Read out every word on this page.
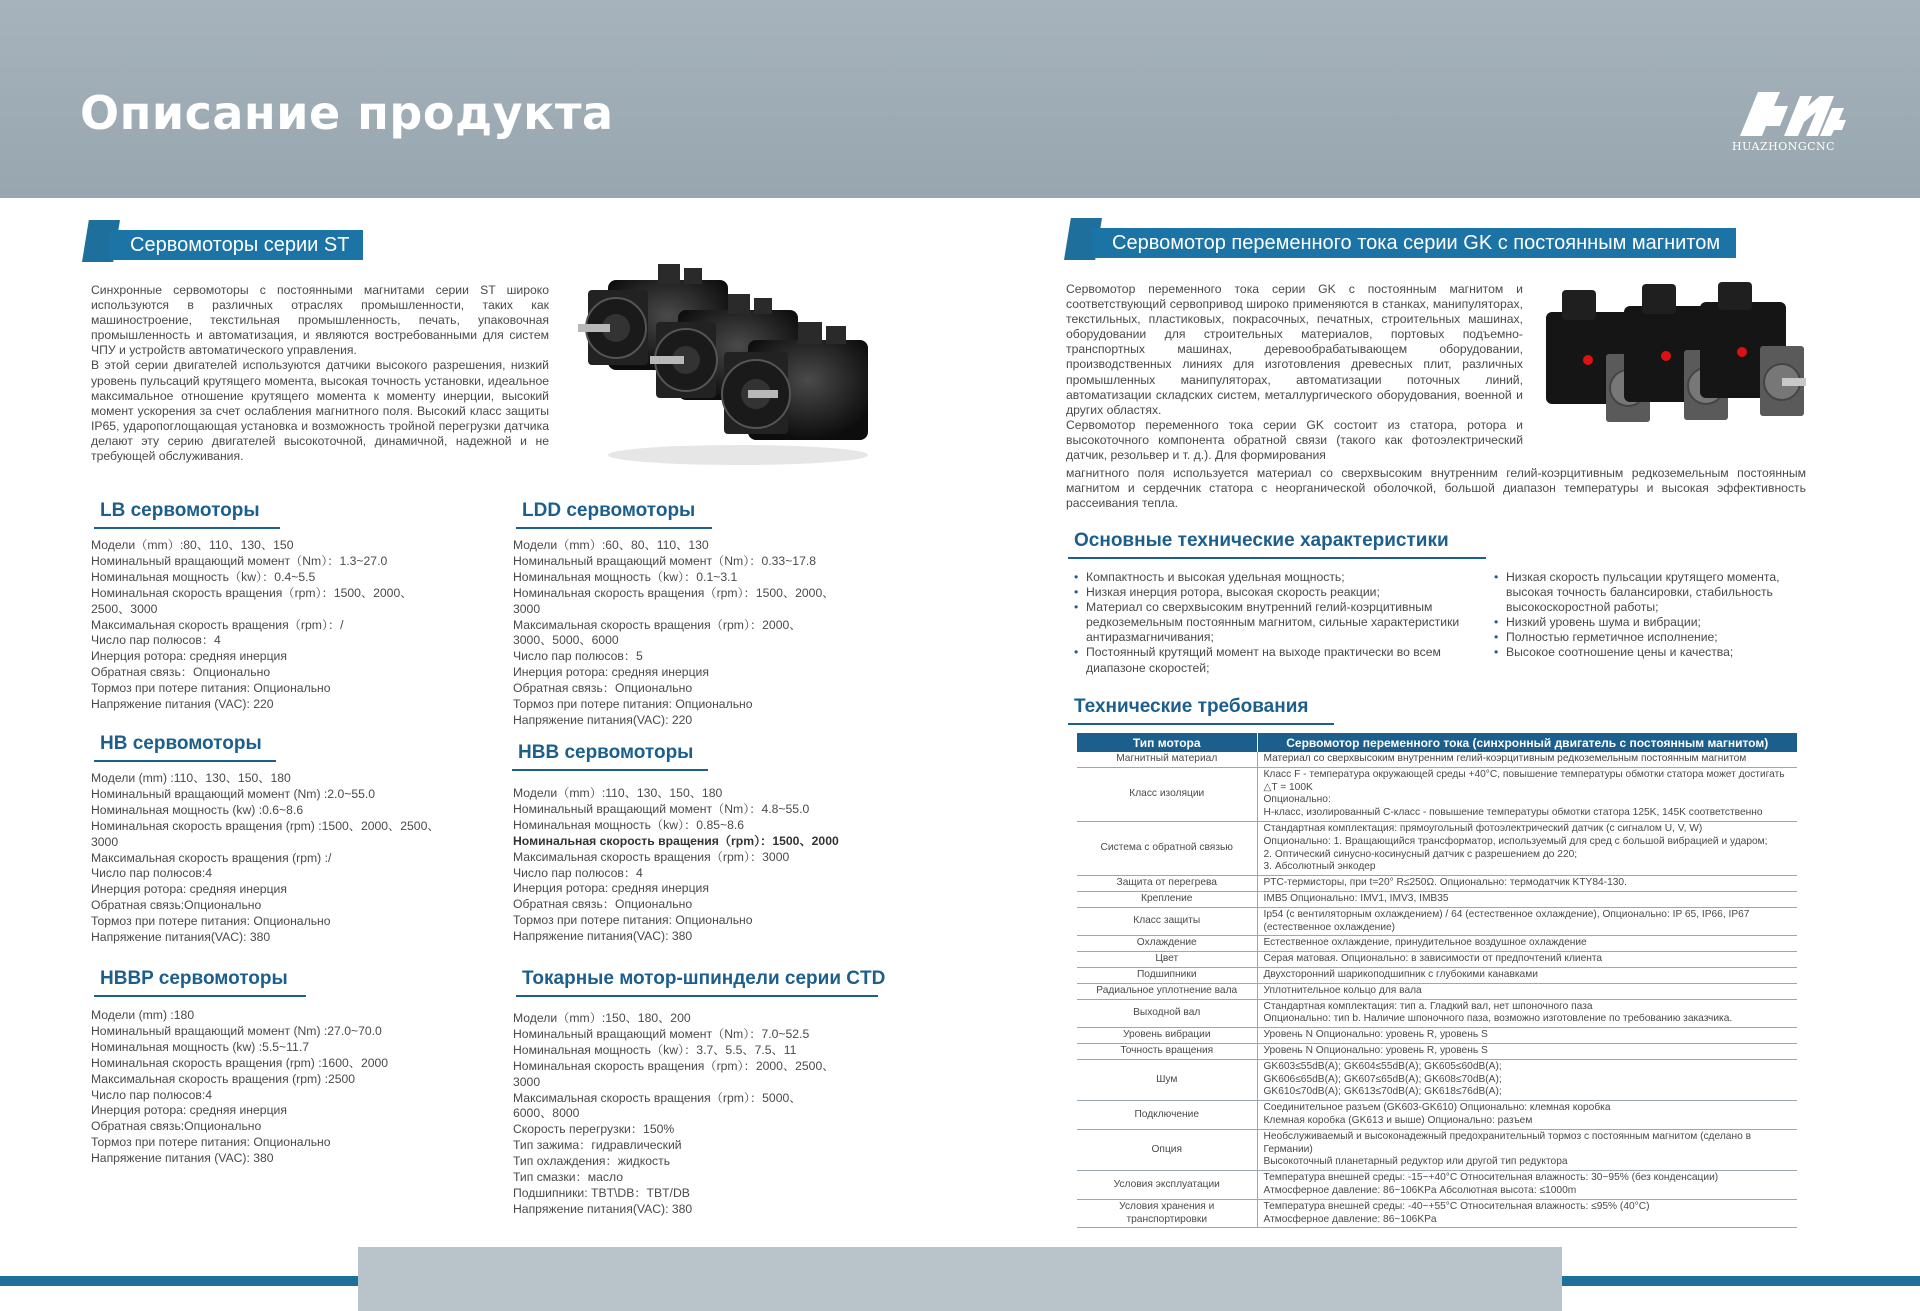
Описание продукта
HUAZHONGCNC
Сервомоторы серии ST
Синхронные сервомоторы с постоянными магнитами серии ST широко используются в различных отраслях промышленности, таких как машиностроение, текстильная промышленность, печать, упаковочная промышленность и автоматизация, и являются востребованными для систем ЧПУ и устройств автоматического управления.
В этой серии двигателей используются датчики высокого разрешения, низкий уровень пульсаций крутящего момента, высокая точность установки, идеальное максимальное отношение крутящего момента к моменту инерции, высокий момент ускорения за счет ослабления магнитного поля. Высокий класс защиты IP65, ударопоглощающая установка и возможность тройной перегрузки датчика делают эту серию двигателей высокоточной, динамичной, надежной и не требующей обслуживания.
LB сервомоторы
Модели（mm）:80、110、130、150
Номинальный вращающий момент（Nm）：1.3~27.0
Номинальная мощность（kw）：0.4~5.5
Номинальная скорость вращения（rpm）：1500、2000、
2500、3000
Максимальная скорость вращения（rpm）：/
Число пар полюсов：4
Инерция ротора: средняя инерция
Обратная связь：Опционально
Тормоз при потере питания: Опционально
Напряжение питания (VAC): 220
LDD сервомоторы
Модели（mm）:60、80、110、130
Номинальный вращающий момент（Nm）：0.33~17.8
Номинальная мощность（kw）：0.1~3.1
Номинальная скорость вращения（rpm）：1500、2000、
3000
Максимальная скорость вращения（rpm）：2000、
3000、5000、6000
Число пар полюсов：5
Инерция ротора: средняя инерция
Обратная связь：Опционально
Тормоз при потере питания: Опционально
Напряжение питания(VAC): 220
HB сервомоторы
Модели (mm) :110、130、150、180
Номинальный вращающий момент (Nm) :2.0~55.0
Номинальная мощность (kw) :0.6~8.6
Номинальная скорость вращения (rpm) :1500、2000、2500、
3000
Максимальная скорость вращения (rpm) :/
Число пар полюсов:4
Инерция ротора: средняя инерция
Обратная связь:Опционально
Тормоз при потере питания: Опционально
Напряжение питания(VAC): 380
HBB сервомоторы
Модели（mm）:110、130、150、180
Номинальный вращающий момент（Nm）：4.8~55.0
Номинальная мощность（kw）：0.85~8.6
Номинальная скорость вращения（rpm）：1500、2000
Максимальная скорость вращения（rpm）：3000
Число пар полюсов：4
Инерция ротора: средняя инерция
Обратная связь：Опционально
Тормоз при потере питания: Опционально
Напряжение питания(VAC): 380
HBBP сервомоторы
Модели (mm) :180
Номинальный вращающий момент (Nm) :27.0~70.0
Номинальная мощность (kw) :5.5~11.7
Номинальная скорость вращения (rpm) :1600、2000
Максимальная скорость вращения (rpm) :2500
Число пар полюсов:4
Инерция ротора: средняя инерция
Обратная связь:Опционально
Тормоз при потере питания: Опционально
Напряжение питания (VAC): 380
Токарные мотор-шпиндели серии CTD
Модели（mm）:150、180、200
Номинальный вращающий момент（Nm）：7.0~52.5
Номинальная мощность（kw）：3.7、5.5、7.5、11
Номинальная скорость вращения（rpm）：2000、2500、
3000
Максимальная скорость вращения（rpm）：5000、
6000、8000
Скорость перегрузки：150%
Тип зажима：гидравлический
Тип охлаждения：жидкость
Тип смазки：масло
Подшипники: TBT\DB：TBT/DB
Напряжение питания(VAC): 380
Сервомотор переменного тока серии GK с постоянным магнитом
Сервомотор переменного тока серии GK с постоянным магнитом и соответствующий сервопривод широко применяются в станках, манипуляторах, текстильных, пластиковых, покрасочных, печатных, строительных машинах, оборудовании для строительных материалов, портовых подъемно-транспортных машинах, деревообрабатывающем оборудовании, производственных линиях для изготовления древесных плит, различных промышленных манипуляторах, автоматизации поточных линий, автоматизации складских систем, металлургического оборудования, военной и других областях.
Сервомотор переменного тока серии GK состоит из статора, ротора и высокоточного компонента обратной связи (такого как фотоэлектрический датчик, резольвер и т. д.). Для формирования
магнитного поля используется материал со сверхвысоким внутренним гелий-коэрцитивным редкоземельным постоянным магнитом и сердечник статора с неорганической оболочкой, большой диапазон температуры и высокая эффективность рассеивания тепла.
Основные технические характеристики
• Компактность и высокая удельная мощность;
• Низкая инерция ротора, высокая скорость реакции;
• Материал со сверхвысоким внутренний гелий-коэрцитивным редкоземельным постоянным магнитом, сильные характеристики антиразмагничивания;
• Постоянный крутящий момент на выходе практически во всем диапазоне скоростей;
• Низкая скорость пульсации крутящего момента, высокая точность балансировки, стабильность высокоскоростной работы;
• Низкий уровень шума и вибрации;
• Полностью герметичное исполнение;
• Высокое соотношение цены и качества;
Технические требования
Тип мотора	Сервомотор переменного тока (синхронный двигатель с постоянным магнитом)
Магнитный материал	Материал со сверхвысоким внутренним гелий-коэрцитивным редкоземельным постоянным магнитом
Класс изоляции	Класс F - температура окружающей среды +40°C, повышение температуры обмотки статора может достигать △T = 100K
Опционально:
Н-класс, изолированный С-класс - повышение температуры обмотки статора 125K, 145K соответственно
Система с обратной связью	Стандартная комплектация: прямоугольный фотоэлектрический датчик (с сигналом U, V, W)
Опционально: 1. Вращающийся трансформатор, используемый для сред с большой вибрацией и ударом;
2. Оптический синусно-косинусный датчик с разрешением до 220;
3. Абсолютный энкодер
Защита от перегрева	PTC-термисторы, при t=20° R≤250Ω. Опционально: термодатчик KTY84-130.
Крепление	IMB5 Опционально: IMV1, IMV3, IMB35
Класс защиты	Ip54 (с вентиляторным охлаждением) / 64 (естественное охлаждение), Опционально: IP 65, IP66, IP67 (естественное охлаждение)
Охлаждение	Естественное охлаждение, принудительное воздушное охлаждение
Цвет	Серая матовая. Опционально: в зависимости от предпочтений клиента
Подшипники	Двухсторонний шарикоподшипник с глубокими канавками
Радиальное уплотнение вала	Уплотнительное кольцо для вала
Выходной вал	Стандартная комплектация: тип a. Гладкий вал, нет шпоночного паза
Опционально: тип b. Наличие шпоночного паза, возможно изготовление по требованию заказчика.
Уровень вибрации	Уровень N Опционально: уровень R, уровень S
Точность вращения	Уровень N Опционально: уровень R, уровень S
Шум	GK603≤55dB(A); GK604≤55dB(A); GK605≤60dB(A);
GK606≤65dB(A); GK607≤65dB(A); GK608≤70dB(A);
GK610≤70dB(A); GK613≤70dB(A); GK618≤76dB(A);
Подключение	Соединительное разъем (GK603-GK610) Опционально: клемная коробка
Клемная коробка (GK613 и выше) Опционально: разъем
Опция	Необслуживаемый и высоконадежный предохранительный тормоз с постоянным магнитом (сделано в Германии)
Высокоточный планетарный редуктор или другой тип редуктора
Условия эксплуатации	Температура внешней среды: -15~+40°C Относительная влажность: 30~95% (без конденсации)
Атмосферное давление: 86~106KPa Абсолютная высота: ≤1000m
Условия хранения и транспортировки	Температура внешней среды: -40~+55°C Относительная влажность: ≤95% (40°C)
Атмосферное давление: 86~106KPa
